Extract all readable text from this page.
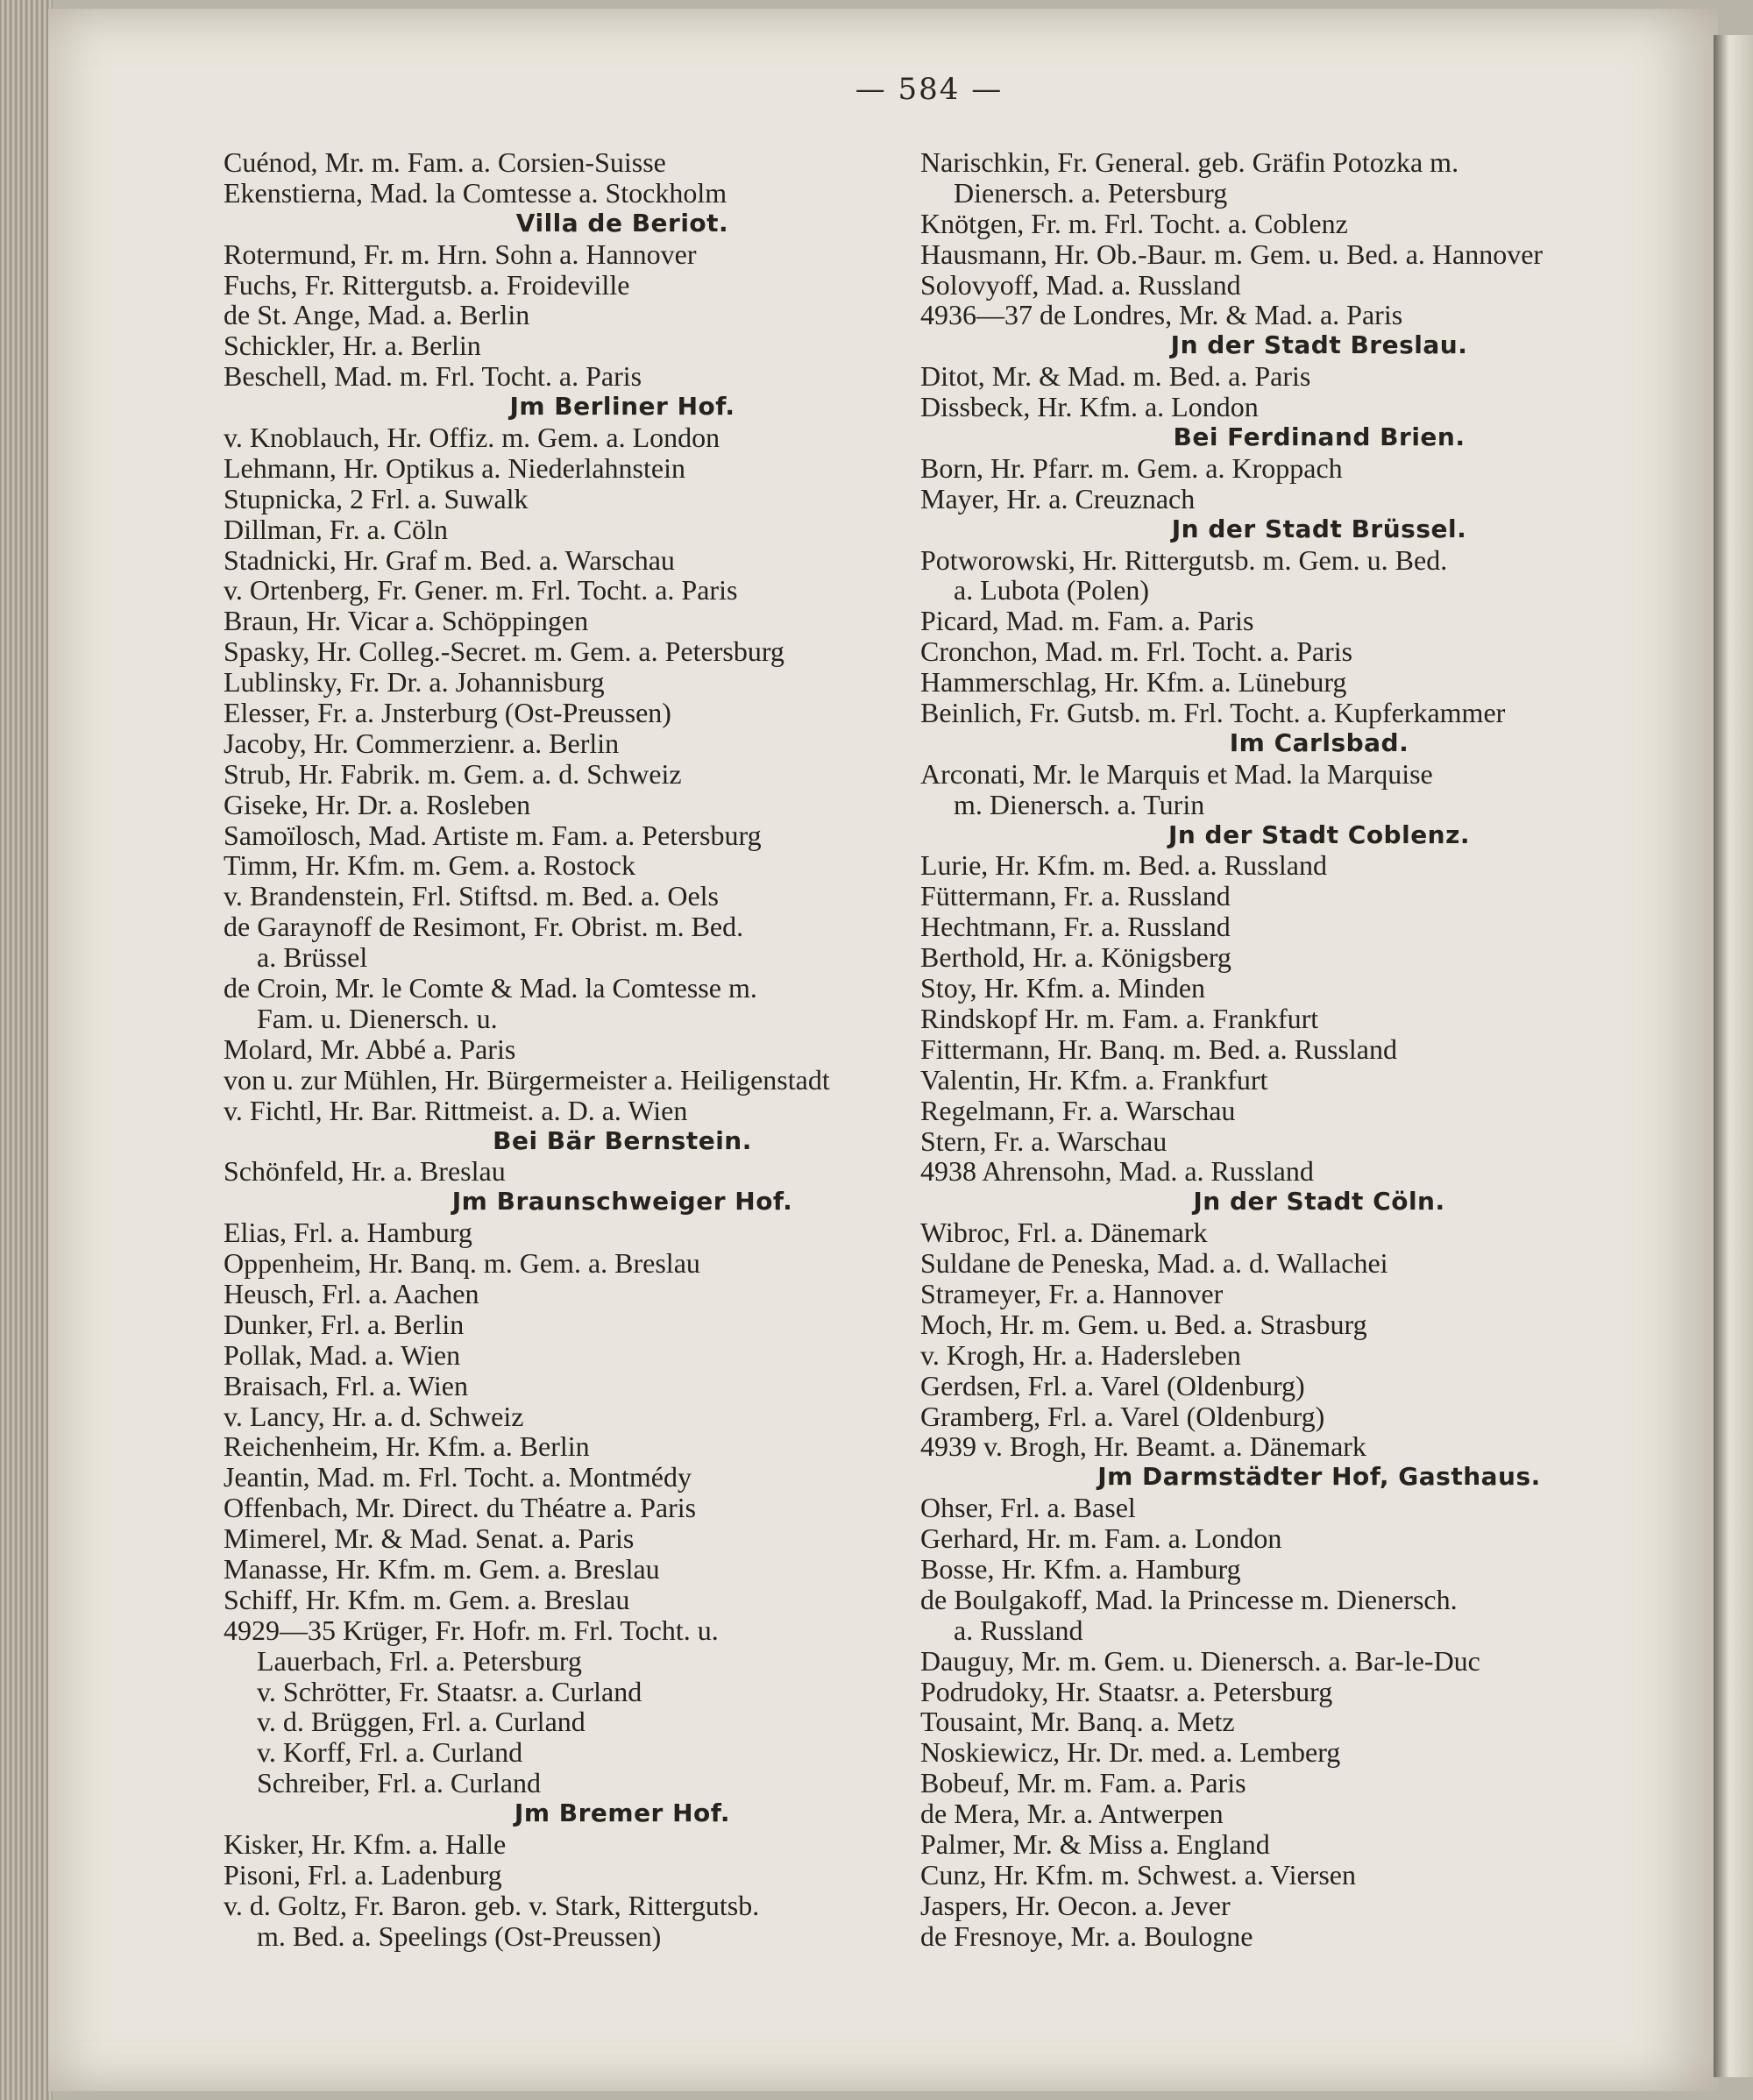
— 584 —
Cuénod, Mr. m. Fam. a. Corsien-Suisse
Ekenstierna, Mad. la Comtesse a. Stockholm
Villa de Beriot.
Rotermund, Fr. m. Hrn. Sohn a. Hannover
Fuchs, Fr. Rittergutsb. a. Froideville
de St. Ange, Mad. a. Berlin
Schickler, Hr. a. Berlin
Beschell, Mad. m. Frl. Tocht. a. Paris
Jm Berliner Hof.
v. Knoblauch, Hr. Offiz. m. Gem. a. London
Lehmann, Hr. Optikus a. Niederlahnstein
Stupnicka, 2 Frl. a. Suwalk
Dillman, Fr. a. Cöln
Stadnicki, Hr. Graf m. Bed. a. Warschau
v. Ortenberg, Fr. Gener. m. Frl. Tocht. a. Paris
Braun, Hr. Vicar a. Schöppingen
Spasky, Hr. Colleg.-Secret. m. Gem. a. Petersburg
Lublinsky, Fr. Dr. a. Johannisburg
Elesser, Fr. a. Jnsterburg (Ost-Preussen)
Jacoby, Hr. Commerzienr. a. Berlin
Strub, Hr. Fabrik. m. Gem. a. d. Schweiz
Giseke, Hr. Dr. a. Rosleben
Samoïlosch, Mad. Artiste m. Fam. a. Petersburg
Timm, Hr. Kfm. m. Gem. a. Rostock
v. Brandenstein, Frl. Stiftsd. m. Bed. a. Oels
de Garaynoff de Resimont, Fr. Obrist. m. Bed.
a. Brüssel
de Croin, Mr. le Comte & Mad. la Comtesse m.
Fam. u. Dienersch. u.
Molard, Mr. Abbé a. Paris
von u. zur Mühlen, Hr. Bürgermeister a. Heiligenstadt
v. Fichtl, Hr. Bar. Rittmeist. a. D. a. Wien
Bei Bär Bernstein.
Schönfeld, Hr. a. Breslau
Jm Braunschweiger Hof.
Elias, Frl. a. Hamburg
Oppenheim, Hr. Banq. m. Gem. a. Breslau
Heusch, Frl. a. Aachen
Dunker, Frl. a. Berlin
Pollak, Mad. a. Wien
Braisach, Frl. a. Wien
v. Lancy, Hr. a. d. Schweiz
Reichenheim, Hr. Kfm. a. Berlin
Jeantin, Mad. m. Frl. Tocht. a. Montmédy
Offenbach, Mr. Direct. du Théatre a. Paris
Mimerel, Mr. & Mad. Senat. a. Paris
Manasse, Hr. Kfm. m. Gem. a. Breslau
Schiff, Hr. Kfm. m. Gem. a. Breslau
4929—35 Krüger, Fr. Hofr. m. Frl. Tocht. u.
Lauerbach, Frl. a. Petersburg
v. Schrötter, Fr. Staatsr. a. Curland
v. d. Brüggen, Frl. a. Curland
v. Korff, Frl. a. Curland
Schreiber, Frl. a. Curland
Jm Bremer Hof.
Kisker, Hr. Kfm. a. Halle
Pisoni, Frl. a. Ladenburg
v. d. Goltz, Fr. Baron. geb. v. Stark, Rittergutsb.
m. Bed. a. Speelings (Ost-Preussen)
Narischkin, Fr. General. geb. Gräfin Potozka m.
Dienersch. a. Petersburg
Knötgen, Fr. m. Frl. Tocht. a. Coblenz
Hausmann, Hr. Ob.-Baur. m. Gem. u. Bed. a. Hannover
Solovyoff, Mad. a. Russland
4936—37 de Londres, Mr. & Mad. a. Paris
Jn der Stadt Breslau.
Ditot, Mr. & Mad. m. Bed. a. Paris
Dissbeck, Hr. Kfm. a. London
Bei Ferdinand Brien.
Born, Hr. Pfarr. m. Gem. a. Kroppach
Mayer, Hr. a. Creuznach
Jn der Stadt Brüssel.
Potworowski, Hr. Rittergutsb. m. Gem. u. Bed.
a. Lubota (Polen)
Picard, Mad. m. Fam. a. Paris
Cronchon, Mad. m. Frl. Tocht. a. Paris
Hammerschlag, Hr. Kfm. a. Lüneburg
Beinlich, Fr. Gutsb. m. Frl. Tocht. a. Kupferkammer
Im Carlsbad.
Arconati, Mr. le Marquis et Mad. la Marquise
m. Dienersch. a. Turin
Jn der Stadt Coblenz.
Lurie, Hr. Kfm. m. Bed. a. Russland
Füttermann, Fr. a. Russland
Hechtmann, Fr. a. Russland
Berthold, Hr. a. Königsberg
Stoy, Hr. Kfm. a. Minden
Rindskopf Hr. m. Fam. a. Frankfurt
Fittermann, Hr. Banq. m. Bed. a. Russland
Valentin, Hr. Kfm. a. Frankfurt
Regelmann, Fr. a. Warschau
Stern, Fr. a. Warschau
4938 Ahrensohn, Mad. a. Russland
Jn der Stadt Cöln.
Wibroc, Frl. a. Dänemark
Suldane de Peneska, Mad. a. d. Wallachei
Strameyer, Fr. a. Hannover
Moch, Hr. m. Gem. u. Bed. a. Strasburg
v. Krogh, Hr. a. Hadersleben
Gerdsen, Frl. a. Varel (Oldenburg)
Gramberg, Frl. a. Varel (Oldenburg)
4939 v. Brogh, Hr. Beamt. a. Dänemark
Jm Darmstädter Hof, Gasthaus.
Ohser, Frl. a. Basel
Gerhard, Hr. m. Fam. a. London
Bosse, Hr. Kfm. a. Hamburg
de Boulgakoff, Mad. la Princesse m. Dienersch.
a. Russland
Dauguy, Mr. m. Gem. u. Dienersch. a. Bar-le-Duc
Podrudoky, Hr. Staatsr. a. Petersburg
Tousaint, Mr. Banq. a. Metz
Noskiewicz, Hr. Dr. med. a. Lemberg
Bobeuf, Mr. m. Fam. a. Paris
de Mera, Mr. a. Antwerpen
Palmer, Mr. & Miss a. England
Cunz, Hr. Kfm. m. Schwest. a. Viersen
Jaspers, Hr. Oecon. a. Jever
de Fresnoye, Mr. a. Boulogne
